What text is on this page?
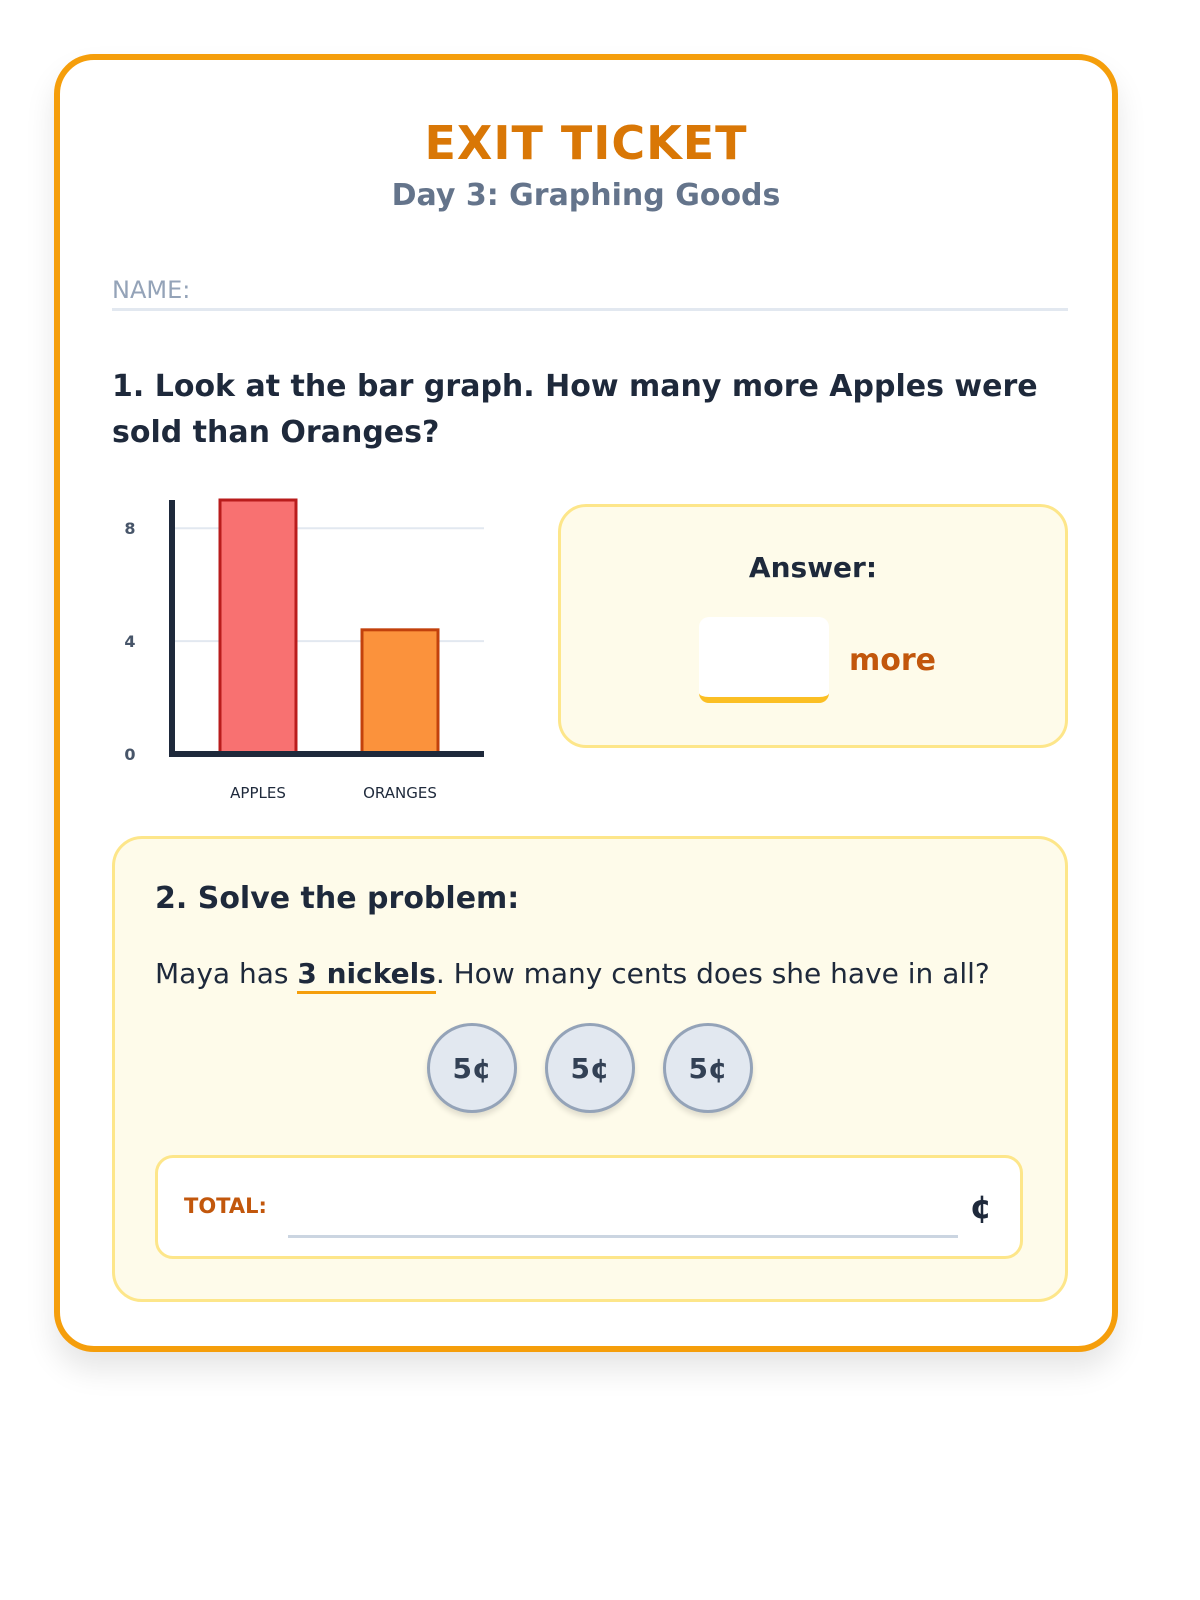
EXIT TICKET
Day 3: Graphing Goods
NAME:
1. Look at the bar graph. How many more Apples were sold than Oranges?
APPLES	ORANGES
0
4
8
Answer:
more
2. Solve the problem:
Maya has 3 nickels. How many cents does she have in all?
5¢	5¢	5¢
TOTAL:	¢
